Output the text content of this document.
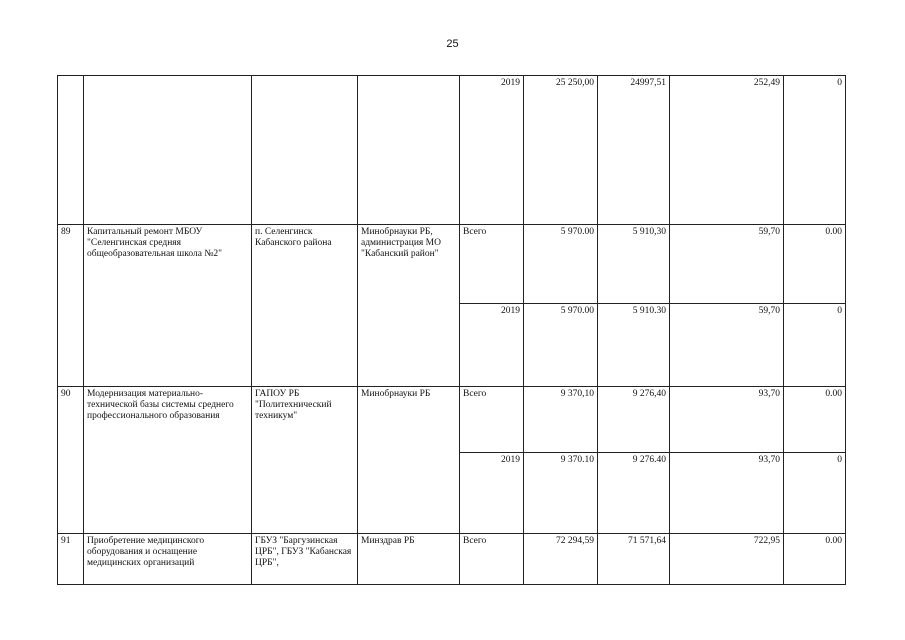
25
				2019	25 250,00	24997,51	252,49	0
89	Капитальный ремонт МБОУ "Селенгинская средняя общеобразовательная школа №2"	п. Селенгинск Кабанского района	Минобрнауки РБ, администрация МО "Кабанский район"	Всего	5 970.00	5 910,30	59,70	0.00
				2019	5 970.00	5 910.30	59,70	0
90	Модернизация материально-технической базы системы среднего профессионального образования	ГАПОУ РБ "Политехнический техникум"	Минобрнауки РБ	Всего	9 370,10	9 276,40	93,70	0.00
				2019	9 370.10	9 276.40	93,70	0
91	Приобретение медицинского оборудования и оснащение медицинских организаций	ГБУЗ "Баргузинская ЦРБ", ГБУЗ "Кабанская ЦРБ",	Минздрав РБ	Всего	72 294,59	71 571,64	722,95	0.00
